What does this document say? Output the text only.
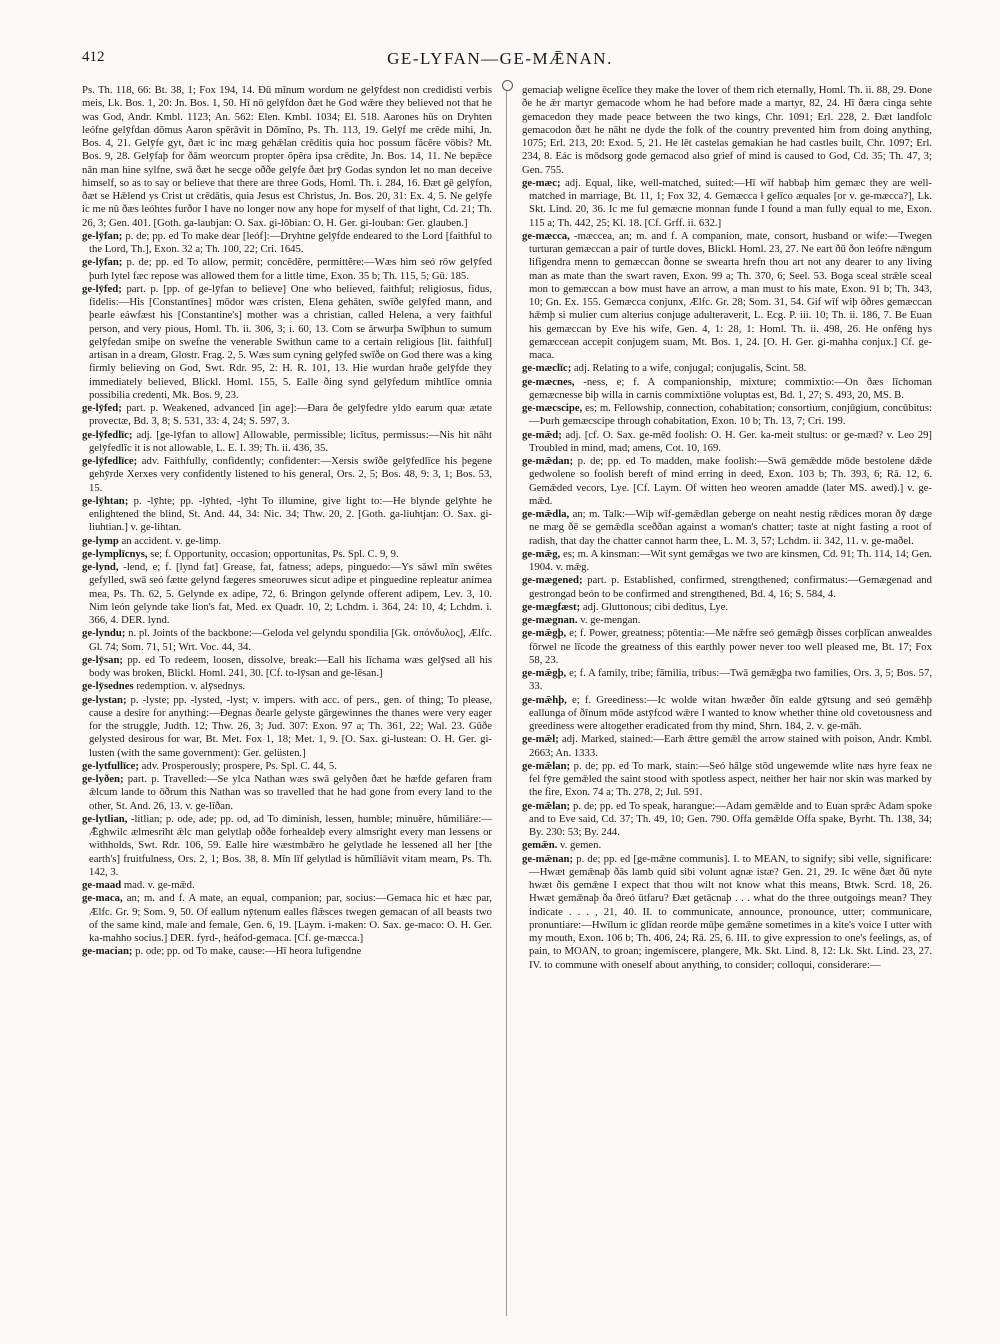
412	GE-LYFAN—GE-MǢNAN.

Ps. Th. 118, 66: Bt. 38, 1; Fox 194, 14. Ðū mīnum wordum ne gelȳfdest non credidisti verbis meis, Lk. Bos. 1, 20: Jn. Bos. 1, 50. Hī nō gelȳfdon ðæt he God wǣre they believed not that he was God, Andr. Kmbl. 1123; An. 562: Elen. Kmbl. 1034; El. 518. Aarones hūs on Dryhten leófne gelȳfdan dŏmus Aaron spērāvit in Dŏmĭno, Ps. Th. 113, 19. Gelȳf me crēde mihi, Jn. Bos. 4, 21. Gelȳfe gyt, ðæt ic inc mæg gehǣlan crēditis quia hoc possum făcĕre vōbis? Mt. Bos. 9, 28. Gelȳfaþ for ðām weorcum propter ŏpĕra ipsa crēdite, Jn. Bos. 14, 11. Ne bepǣce nān man hine sylfne, swā ðæt he secge oððe gelȳfe ðæt þrȳ Godas syndon let no man deceive himself, so as to say or believe that there are three Gods, Homl. Th. i. 284, 16. Ðæt gē gelȳfon, ðæt se Hǣlend ys Crist ut crēdātis, quia Jesus est Christus, Jn. Bos. 20, 31: Ex. 4, 5. Ne gelȳfe ic me nū ðæs leóhtes furðor I have no longer now any hope for myself of that light, Cd. 21; Th. 26, 3; Gen. 401. [Goth. ga-laubjan: O. Sax. gi-lōbian: O. H. Ger. gi-louban: Ger. glauben.]

ge-lȳfan; p. de; pp. ed To make dear [leóf]:—Dryhtne gelȳfde endeared to the Lord [faithful to the Lord, Th.], Exon. 32 a; Th. 100, 22; Cri. 1645.

ge-lȳfan; p. de; pp. ed To allow, permit; concēdĕre, permittĕre:—Wæs him seó rōw gelȳfed þurh lytel fæc repose was allowed them for a little time, Exon. 35 b; Th. 115, 5; Gū. 185.

ge-lȳfed; part. p. [pp. of ge-lȳfan to believe] One who believed, faithful; religiosus, fidus, fidelis:—His [Constantīnes] mōdor wæs cristen, Elena gehāten, swīðe gelȳfed mann, and þearle eáwfæst his [Constantine's] mother was a christian, called Helena, a very faithful person, and very pious, Homl. Th. ii. 306, 3; i. 60, 13. Com se ārwurþa Swīþhun to sumum gelȳfedan smiþe on swefne the venerable Swithun came to a certain religious [lit. faithful] artisan in a dream, Glostr. Frag. 2, 5. Wæs sum cyning gelȳfed swīðe on God there was a king firmly believing on God, Swt. Rdr. 95, 2: H. R. 101, 13. Hie wurdan hraðe gelȳfde they immediately believed, Blickl. Homl. 155, 5. Ealle ðing synd gelȳfedum mihtlīce omnia possibilia credenti, Mk. Bos. 9, 23.

ge-lȳfed; part. p. Weakened, advanced [in age]:—Ðara ðe gelȳfedre yldo earum quæ ætate provectæ, Bd. 3, 8; S. 531, 33: 4, 24; S. 597, 3.

ge-lȳfedlīc; adj. [ge-lȳfan to allow] Allowable, permissible; licĭtus, permissus:—Nis hit nāht gelȳfedlīc it is not allowable, L. E. I. 39; Th. ii. 436, 35.

ge-lȳfedlīce; adv. Faithfully, confidently; confidenter:—Xersis swīðe gelȳfedlīce his þegene gehȳrde Xerxes very confidently listened to his general, Ors. 2, 5; Bos. 48, 9: 3, 1; Bos. 53, 15.

ge-lȳhtan; p. -lȳhte; pp. -lȳhted, -lȳht To illumine, give light to:—He blynde gelȳhte he enlightened the blind, St. And. 44, 34: Nic. 34; Thw. 20, 2. [Goth. ga-liuhtjan: O. Sax. gi-liuhtian.] v. ge-lihtan.

ge-lymp an accident. v. ge-limp.

ge-lymplīcnys, se; f. Opportunity, occasion; opportunitas, Ps. Spl. C. 9, 9.

ge-lynd, -lend, e; f. [lynd fat] Grease, fat, fatness; adeps, pinguedo:—Ys sāwl mīn swētes gefylled, swā seó fætte gelynd fægeres smeoruwes sicut adipe et pinguedine repleatur animea mea, Ps. Th. 62, 5. Gelynde ex adipe, 72, 6. Bringon gelynde offerent adipem, Lev. 3, 10. Nim león gelynde take lion's fat, Med. ex Quadr. 10, 2; Lchdm. i. 364, 24: 10, 4; Lchdm. i. 366, 4. DER. lynd.

ge-lyndu; n. pl. Joints of the backbone:—Geloda vel gelyndu spondilia [Gk. σπόνδυλος], Ælfc. Gl. 74; Som. 71, 51; Wrt. Voc. 44, 34.

ge-lȳsan; pp. ed To redeem, loosen, dissolve, break:—Eall his līchama wæs gelȳsed all his body was broken, Blickl. Homl. 241, 30. [Cf. to-lȳsan and ge-lēsan.]

ge-lȳsednes redemption. v. alȳsednys.

ge-lystan; p. -lyste; pp. -lysted, -lyst; v. impers. with acc. of pers., gen. of thing; To please, cause a desire for anything:—Ðegnas ðearle gelyste gārgewinnes the thanes were very eager for the struggle, Judth. 12; Thw. 26, 3; Jud. 307: Exon. 97 a; Th. 361, 22; Wal. 23. Gūðe gelysted desirous for war, Bt. Met. Fox 1, 18; Met. 1, 9. [O. Sax. gi-lustean: O. H. Ger. gi-lusten (with the same government): Ger. gelüsten.]

ge-lytfullīce; adv. Prosperously; prospere, Ps. Spl. C. 44, 5.

ge-lyðen; part. p. Travelled:—Se ylca Nathan wæs swā gelyðen ðæt he hæfde gefaren fram ǣlcum lande to ōðrum this Nathan was so travelled that he had gone from every land to the other, St. And. 26, 13. v. ge-līðan.

ge-lytlian, -litlian; p. ode, ade; pp. od, ad To diminish, lessen, humble; minuĕre, hŭmiliāre:—Ǣghwilc ælmesriht ǣlc man gelytlaþ oððe forhealdeþ every almsright every man lessens or withholds, Swt. Rdr. 106, 59. Ealle hire wæstmbǣro he gelytlade he lessened all her [the earth's] fruitfulness, Ors. 2, 1; Bos. 38, 8. Mīn līf gelytlad is hŭmĭliāvit vitam meam, Ps. Th. 142, 3.

ge-maad mad. v. ge-mǣd.

ge-maca, an; m. and f. A mate, an equal, companion; par, socius:—Gemaca hic et hæc par, Ælfc. Gr. 9; Som. 9, 50. Of eallum nȳtenum ealles flǣsces twegen gemacan of all beasts two of the same kind, male and female, Gen. 6, 19. [Laym. i-maken: O. Sax. ge-maco: O. H. Ger. ka-mahho socius.] DER. fyrd-, heáfod-gemaca. [Cf. ge-mæcca.]

ge-macian; p. ode; pp. od To make, cause:—Hī heora lufigendne

gemaciaþ weligne ēcelīce they make the lover of them rich eternally, Homl. Th. ii. 88, 29. Ðone ðe he ǣr martyr gemacode whom he had before made a martyr, 82, 24. Hī ðæra cinga sehte gemacedon they made peace between the two kings, Chr. 1091; Erl. 228, 2. Ðæt landfolc gemacodon ðæt he nāht ne dyde the folk of the country prevented him from doing anything, 1075; Erl. 213, 20: Exod. 5, 21. He lēt castelas gemakian he had castles built, Chr. 1097; Erl. 234, 8. Eác is mōdsorg gode gemacod also grief of mind is caused to God, Cd. 35; Th. 47, 3; Gen. 755.

ge-mæc; adj. Equal, like, well-matched, suited:—Hī wīf habbaþ him gemæc they are well-matched in marriage, Bt. 11, 1; Fox 32, 4. Gemæcca ł gelīco æquales [or v. ge-mæcca?], Lk. Skt. Lind. 20, 36. Ic me ful gemæcne monnan funde I found a man fully equal to me, Exon. 115 a; Th. 442, 25; Kl. 18. [Cf. Grff. ii. 632.]

ge-mæcca, -mæccea, an; m. and f. A companion, mate, consort, husband or wife:—Twegen turturan gemæccan a pair of turtle doves, Blickl. Homl. 23, 27. Ne eart ðū ðon leófre nǣngum lifigendra menn to gemæccan ðonne se swearta hrefn thou art not any dearer to any living man as mate than the swart raven, Exon. 99 a; Th. 370, 6; Seel. 53. Boga sceal strǣle sceal mon to gemæccan a bow must have an arrow, a man must to his mate, Exon. 91 b; Th. 343, 10; Gn. Ex. 155. Gemæcca conjunx, Ælfc. Gr. 28; Som. 31, 54. Gif wīf wiþ ōðres gemæccan hǣmþ si mulier cum alterius conjuge adulteraverit, L. Ecg. P. iii. 10; Th. ii. 186, 7. Be Euan his gemæccan by Eve his wife, Gen. 4, 1: 28, 1: Homl. Th. ii. 498, 26. He onfēng hys gemæccean accepit conjugem suam, Mt. Bos. 1, 24. [O. H. Ger. gi-mahha conjux.] Cf. ge-maca.

ge-mæclīc; adj. Relating to a wife, conjugal; conjugalis, Scint. 58.

ge-mæcnes, -ness, e; f. A companionship, mixture; commixtio:—On ðæs līchoman gemæcnesse biþ willa in carnis commixtiōne voluptas est, Bd. 1, 27; S. 493, 20, MS. B.

ge-mæcscipe, es; m. Fellowship, connection, cohabitation; consortium, conjūgium, concūbitus:—Þurh gemæcscipe through cohabitation, Exon. 10 b; Th. 13, 7; Cri. 199.

ge-mǣd; adj. [cf. O. Sax. ge-mēd foolish: O. H. Ger. ka-meit stultus: or ge-mæd? v. Leo 29] Troubled in mind, mad; amens, Cot. 10, 169.

ge-mǣdan; p. de; pp. ed To madden, make foolish:—Swā gemǣdde mōde bestolene dǣde gedwolene so foolish bereft of mind erring in deed, Exon. 103 b; Th. 393, 6; Rā. 12, 6. Gemǣded vecors, Lye. [Cf. Laym. Of witten heo weoren amadde (later MS. awed).] v. ge-mǣd.

ge-mǣdla, an; m. Talk:—Wiþ wīf-gemǣdlan geberge on neaht nestig rǣdices moran ðȳ dæge ne mæg ðē se gemǣdla sceððan against a woman's chatter; taste at night fasting a root of radish, that day the chatter cannot harm thee, L. M. 3, 57; Lchdm. ii. 342, 11. v. ge-maðel.

ge-mǣg, es; m. A kinsman:—Wit synt gemǣgas we two are kinsmen, Cd. 91; Th. 114, 14; Gen. 1904. v. mǣg.

ge-mægened; part. p. Established, confirmed, strengthened; confirmatus:—Gemægenad and gestrongad beón to be confirmed and strengthened, Bd. 4, 16; S. 584, 4.

ge-mægfæst; adj. Gluttonous; cibi deditus, Lye.

ge-mægnan. v. ge-mengan.

ge-mǣgþ, e; f. Power, greatness; pōtentia:—Me nǣfre seó gemǣgþ ðisses corþlīcan anwealdes fōrwel ne līcode the greatness of this earthly power never too well pleased me, Bt. 17; Fox 58, 23.

ge-mǣgþ, e; f. A family, tribe; fămilia, tribus:—Twā gemǣgþa two families, Ors. 3, 5; Bos. 57, 33.

ge-mǣhþ, e; f. Greediness:—Ic wolde witan hwæðer ðīn ealde gȳtsung and seó gemǣhþ eallunga of ðīnum mōde astȳfcod wǣre I wanted to know whether thine old covetousness and greediness were altogether eradicated from thy mind, Shrn. 184, 2. v. ge-māh.

ge-mǣl; adj. Marked, stained:—Earh ǣttre gemǣl the arrow stained with poison, Andr. Kmbl. 2663; An. 1333.

ge-mǣlan; p. de; pp. ed To mark, stain:—Seó hālge stōd ungewemde wlite næs hyre feax ne fel fȳre gemǣled the saint stood with spotless aspect, neither her hair nor skin was marked by the fire, Exon. 74 a; Th. 278, 2; Jul. 591.

ge-mǣlan; p. de; pp. ed To speak, harangue:—Adam gemǣlde and to Euan sprǣc Adam spoke and to Eve said, Cd. 37; Th. 49, 10; Gen. 790. Offa gemǣlde Offa spake, Byrht. Th. 138, 34; By. 230: 53; By. 244.

gemǣn. v. gemen.

ge-mǣnan; p. de; pp. ed [ge-mǣne communis]. I. to MEAN, to signify; sibi velle, significare:—Hwæt gemǣnaþ ðās lamb quid sibi volunt agnæ istæ? Gen. 21, 29. Ic wēne ðæt ðū nyte hwæt ðis gemǣne I expect that thou wilt not know what this means, Btwk. Scrd. 18, 26. Hwæt gemǣnaþ ða ðreó ūtfaru? Ðæt getācnaþ . . . what do the three outgoings mean? They indicate . . . , 21, 40. II. to communicate, announce, pronounce, utter; communicare, pronuntiare:—Hwīlum ic glīdan reorde mūþe gemǣne sometimes in a kite's voice I utter with my mouth, Exon. 106 b; Th. 406, 24; Rā. 25, 6. III. to give expression to one's feelings, as, of pain, to MOAN, to groan; ingemiscere, plangere, Mk. Skt. Lind. 8, 12: Lk. Skt. Lind. 23, 27. IV. to commune with oneself about anything, to consider; colloqui, considerare:—
